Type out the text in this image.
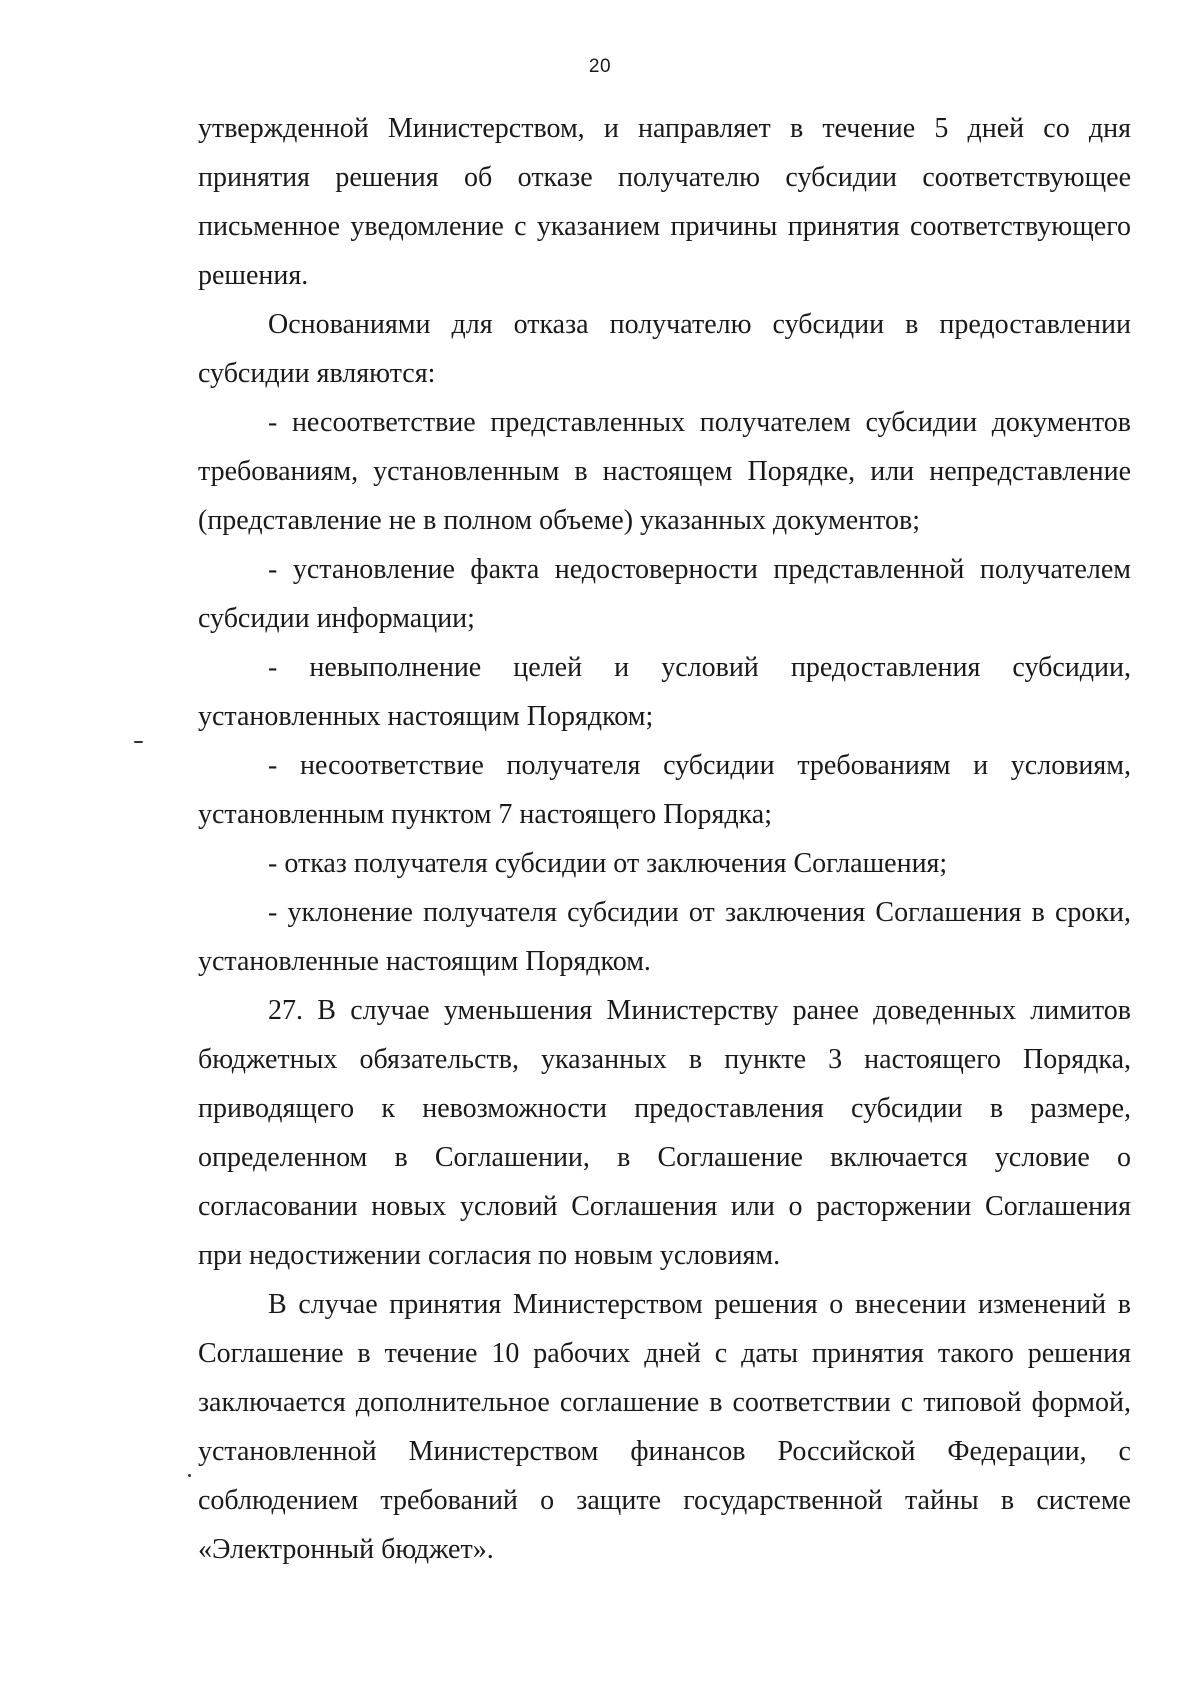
20

утвержденной Министерством, и направляет в течение 5 дней со дня принятия решения об отказе получателю субсидии соответствующее письменное уведомление с указанием причины принятия соответствующего решения.

Основаниями для отказа получателю субсидии в предоставлении субсидии являются:

- несоответствие представленных получателем субсидии документов требованиям, установленным в настоящем Порядке, или непредставление (представление не в полном объеме) указанных документов;

- установление факта недостоверности представленной получателем субсидии информации;

- невыполнение целей и условий предоставления субсидии, установленных настоящим Порядком;

- несоответствие получателя субсидии требованиям и условиям, установленным пунктом 7 настоящего Порядка;

- отказ получателя субсидии от заключения Соглашения;

- уклонение получателя субсидии от заключения Соглашения в сроки, установленные настоящим Порядком.

27. В случае уменьшения Министерству ранее доведенных лимитов бюджетных обязательств, указанных в пункте 3 настоящего Порядка, приводящего к невозможности предоставления субсидии в размере, определенном в Соглашении, в Соглашение включается условие о согласовании новых условий Соглашения или о расторжении Соглашения при недостижении согласия по новым условиям.

В случае принятия Министерством решения о внесении изменений в Соглашение в течение 10 рабочих дней с даты принятия такого решения заключается дополнительное соглашение в соответствии с типовой формой, установленной Министерством финансов Российской Федерации, с соблюдением требований о защите государственной тайны в системе «Электронный бюджет».
